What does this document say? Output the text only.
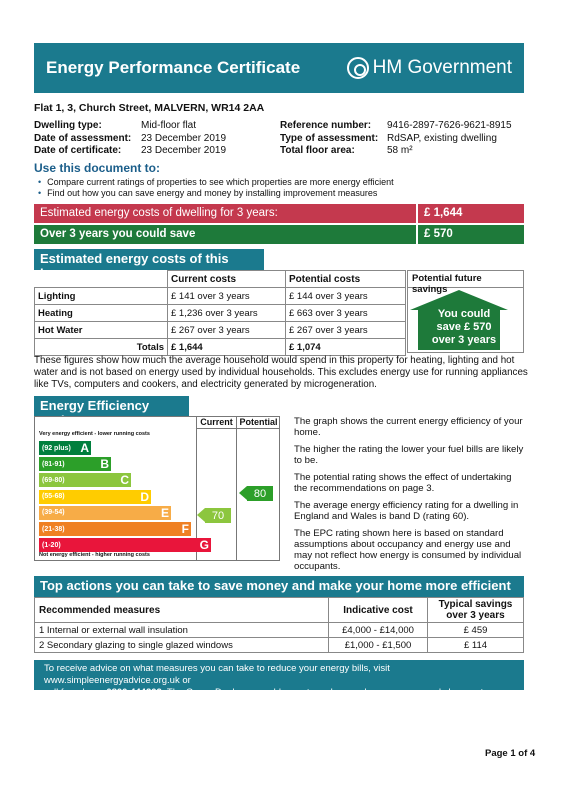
Energy Performance Certificate	HM Government
Flat 1, 3, Church Street, MALVERN, WR14 2AA
Dwelling type:	Mid-floor flat	Reference number:	9416-2897-7626-9621-8915
Date of assessment: 23 December 2019	Type of assessment: RdSAP, existing dwelling
Date of certificate:	23 December 2019	Total floor area:	58 m²
Use this document to:
• Compare current ratings of properties to see which properties are more energy efficient
• Find out how you can save energy and money by installing improvement measures
Estimated energy costs of dwelling for 3 years:	£ 1,644
Over 3 years you could save	£ 570
Estimated energy costs of this home
		Current costs	Potential costs
Lighting	£ 141 over 3 years	£ 144 over 3 years
Heating	£ 1,236 over 3 years	£ 663 over 3 years
Hot Water	£ 267 over 3 years	£ 267 over 3 years
Totals	£ 1,644	£ 1,074
Potential future savings
You could
save £ 570
over 3 years
These figures show how much the average household would spend in this property for heating, lighting and hot water and is not based on energy used by individual households. This excludes energy use for running appliances like TVs, computers and cookers, and electricity generated by microgeneration.
Energy Efficiency Rating	Current Potential
Very energy efficient - lower running costs
Not energy efficient - higher running costs
(92 plus) A
(81-91)	B
(69-80)	C
(55-68)	D
(39-54)	E
(21-38)	F
(1-20)	G
70
80

The graph shows the current energy efficiency of your home.

The higher the rating the lower your fuel bills are likely to be.

The potential rating shows the effect of undertaking the recommendations on page 3.

The average energy efficiency rating for a dwelling in England and Wales is band D (rating 60).

The EPC rating shown here is based on standard assumptions about occupancy and energy use and may not reflect how energy is consumed by individual occupants.

Top actions you can take to save money and make your home more efficient
Recommended measures	Indicative cost	Typical savings over 3 years
1 Internal or external wall insulation	£4,000 - £14,000	£ 459
2 Secondary glazing to single glazed windows	£1,000 - £1,500	£ 114
To receive advice on what measures you can take to reduce your energy bills, visit www.simpleenergyadvice.org.uk or
call freephone 0800 444202. The Green Deal may enable you to make your home warmer and cheaper to run.
Page 1 of 4
